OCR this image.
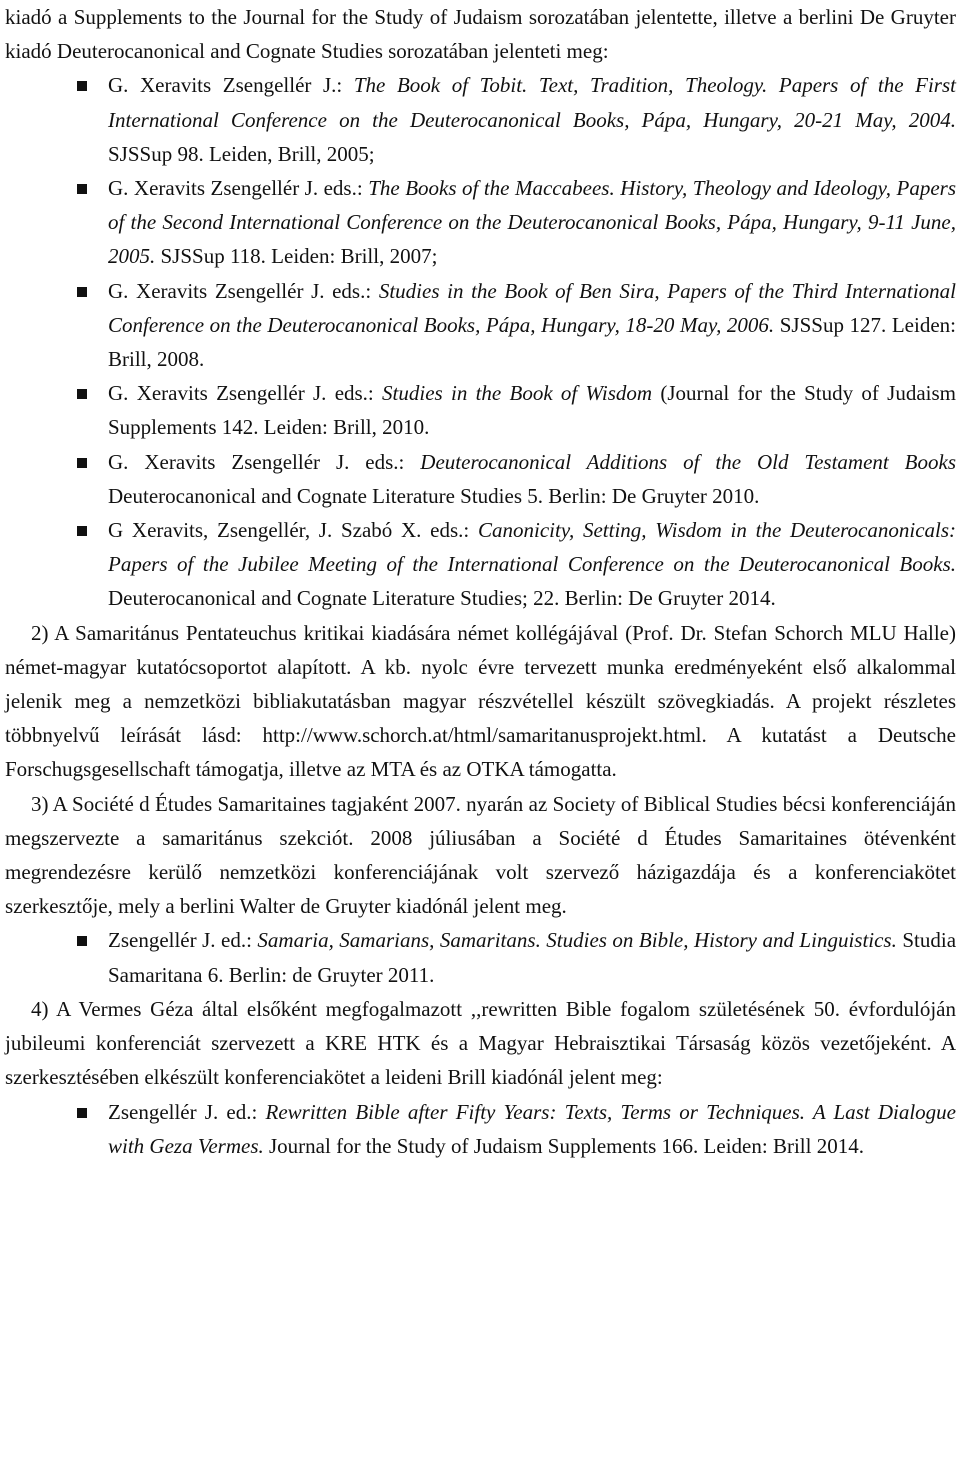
kiadó a Supplements to the Journal for the Study of Judaism sorozatában jelentette, illetve a berlini De Gruyter kiadó Deuterocanonical and Cognate Studies sorozatában jelenteti meg:

G. Xeravits Zsengellér J.: The Book of Tobit. Text, Tradition, Theology. Papers of the First International Conference on the Deuterocanonical Books, Pápa, Hungary, 20-21 May, 2004. SJSSup 98. Leiden, Brill, 2005;
G. Xeravits Zsengellér J. eds.: The Books of the Maccabees. History, Theology and Ideology, Papers of the Second International Conference on the Deuterocanonical Books, Pápa, Hungary, 9-11 June, 2005. SJSSup 118. Leiden: Brill, 2007;
G. Xeravits Zsengellér J. eds.: Studies in the Book of Ben Sira, Papers of the Third International Conference on the Deuterocanonical Books, Pápa, Hungary, 18-20 May, 2006. SJSSup 127. Leiden: Brill, 2008.
G. Xeravits Zsengellér J. eds.: Studies in the Book of Wisdom (Journal for the Study of Judaism Supplements 142. Leiden: Brill, 2010.
G. Xeravits Zsengellér J. eds.: Deuterocanonical Additions of the Old Testament Books Deuterocanonical and Cognate Literature Studies 5. Berlin: De Gruyter 2010.
G Xeravits, Zsengellér, J. Szabó X. eds.: Canonicity, Setting, Wisdom in the Deuterocanonicals: Papers of the Jubilee Meeting of the International Conference on the Deuterocanonical Books. Deuterocanonical and Cognate Literature Studies; 22. Berlin: De Gruyter 2014.

2) A Samaritánus Pentateuchus kritikai kiadására német kollégájával (Prof. Dr. Stefan Schorch MLU Halle) német-magyar kutatócsoportot alapított. A kb. nyolc évre tervezett munka eredményeként első alkalommal jelenik meg a nemzetközi bibliakutatásban magyar részvétellel készült szövegkiadás. A projekt részletes többnyelvű leírását lásd: http://www.schorch.at/html/samaritanusprojekt.html. A kutatást a Deutsche Forschugsgesellschaft támogatja, illetve az MTA és az OTKA támogatta.

3) A Société d Études Samaritaines tagjaként 2007. nyarán az Society of Biblical Studies bécsi konferenciáján megszervezte a samaritánus szekciót. 2008 júliusában a Société d Études Samaritaines ötévenként megrendezésre kerülő nemzetközi konferenciájának volt szervező házigazdája és a konferenciakötet szerkesztője, mely a berlini Walter de Gruyter kiadónál jelent meg.

Zsengellér J. ed.: Samaria, Samarians, Samaritans. Studies on Bible, History and Linguistics. Studia Samaritana 6. Berlin: de Gruyter 2011.

4) A Vermes Géza által elsőként megfogalmazott ,,rewritten Bible fogalom születésének 50. évfordulóján jubileumi konferenciát szervezett a KRE HTK és a Magyar Hebraisztikai Társaság közös vezetőjeként. A szerkesztésében elkészült konferenciakötet a leideni Brill kiadónál jelent meg:

Zsengellér J. ed.: Rewritten Bible after Fifty Years: Texts, Terms or Techniques. A Last Dialogue with Geza Vermes. Journal for the Study of Judaism Supplements 166. Leiden: Brill 2014.
